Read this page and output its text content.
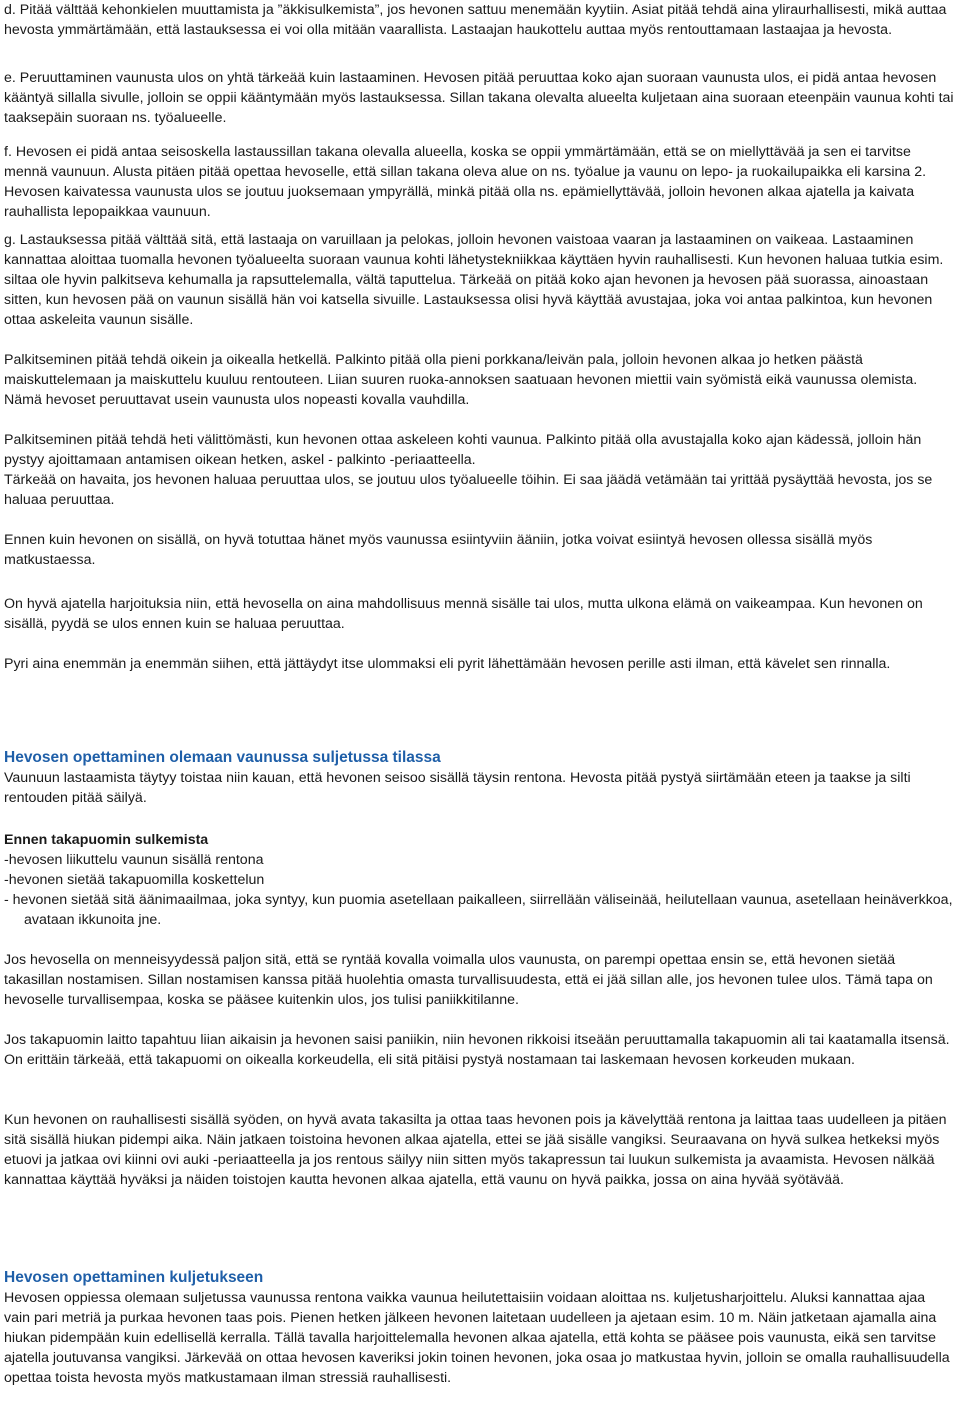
d. Pitää välttää kehonkielen muuttamista ja ”äkkisulkemista”, jos hevonen sattuu menemään kyytiin. Asiat pitää tehdä aina yliraurhallisesti, mikä auttaa hevosta ymmärtämään, että lastauksessa ei voi olla mitään vaarallista. Lastaajan haukottelu auttaa myös rentouttamaan lastaajaa ja hevosta.

e. Peruuttaminen vaunusta ulos on yhtä tärkeää kuin lastaaminen. Hevosen pitää peruuttaa koko ajan suoraan vaunusta ulos, ei pidä antaa hevosen kääntyä sillalla sivulle, jolloin se oppii kääntymään myös lastauksessa. Sillan takana olevalta alueelta kuljetaan aina suoraan eteenpäin vaunua kohti tai taaksepäin suoraan ns. työalueelle.

f. Hevosen ei pidä antaa seisoskella lastaussillan takana olevalla alueella, koska se oppii ymmärtämään, että se on miellyttävää ja sen ei tarvitse mennä vaunuun. Alusta pitäen pitää opettaa hevoselle, että sillan takana oleva alue on ns. työalue ja vaunu on lepo- ja ruokailupaikka eli karsina 2. Hevosen kaivatessa vaunusta ulos se joutuu juoksemaan ympyrällä, minkä pitää olla ns. epämiellyttävää, jolloin hevonen alkaa ajatella ja kaivata rauhallista lepopaikkaa vaunuun.

g. Lastauksessa pitää välttää sitä, että lastaaja on varuillaan ja pelokas, jolloin hevonen vaistoaa vaaran ja lastaaminen on vaikeaa. Lastaaminen kannattaa aloittaa tuomalla hevonen työalueelta suoraan vaunua kohti lähetystekniikkaa käyttäen hyvin rauhallisesti. Kun hevonen haluaa tutkia esim. siltaa ole hyvin palkitseva kehumalla ja rapsuttelemalla, vältä taputtelua. Tärkeää on pitää koko ajan hevonen ja hevosen pää suorassa, ainoastaan sitten, kun hevosen pää on vaunun sisällä hän voi katsella sivuille. Lastauksessa olisi hyvä käyttää avustajaa, joka voi antaa palkintoa, kun hevonen ottaa askeleita vaunun sisälle.

Palkitseminen pitää tehdä oikein ja oikealla hetkellä. Palkinto pitää olla pieni porkkana/leivän pala, jolloin hevonen alkaa jo hetken päästä maiskuttelemaan ja maiskuttelu kuuluu rentouteen. Liian suuren ruoka-annoksen saatuaan hevonen miettii vain syömistä eikä vaunussa olemista. Nämä hevoset peruuttavat usein vaunusta ulos nopeasti kovalla vauhdilla.

Palkitseminen pitää tehdä heti välittömästi, kun hevonen ottaa askeleen kohti vaunua. Palkinto pitää olla avustajalla koko ajan kädessä, jolloin hän pystyy ajoittamaan antamisen oikean hetken, askel - palkinto -periaatteella.

Tärkeää on havaita, jos hevonen haluaa peruuttaa ulos, se joutuu ulos työalueelle töihin. Ei saa jäädä vetämään tai yrittää pysäyttää hevosta, jos se haluaa peruuttaa.

Ennen kuin hevonen on sisällä, on hyvä totuttaa hänet myös vaunussa esiintyviin ääniin, jotka voivat esiintyä hevosen ollessa sisällä myös matkustaessa.

On hyvä ajatella harjoituksia niin, että hevosella on aina mahdollisuus mennä sisälle tai ulos, mutta ulkona elämä on vaikeampaa. Kun hevonen on sisällä, pyydä se ulos ennen kuin se haluaa peruuttaa.

Pyri aina enemmän ja enemmän siihen, että jättäydyt itse ulommaksi eli pyrit lähettämään hevosen perille asti ilman, että kävelet sen rinnalla.

Hevosen opettaminen olemaan vaunussa suljetussa tilassa

Vaunuun lastaamista täytyy toistaa niin kauan, että hevonen seisoo sisällä täysin rentona. Hevosta pitää pystyä siirtämään eteen ja taakse ja silti rentouden pitää säilyä.

Ennen takapuomin sulkemista

-hevosen liikuttelu vaunun sisällä rentona

-hevonen sietää takapuomilla koskettelun

- hevonen sietää sitä äänimaailmaa, joka syntyy, kun puomia asetellaan paikalleen, siirrellään väliseinää, heilutellaan vaunua, asetellaan heinäverkkoa, avataan ikkunoita jne.

Jos hevosella on menneisyydessä paljon sitä, että se ryntää kovalla voimalla ulos vaunusta, on parempi opettaa ensin se, että hevonen sietää takasillan nostamisen. Sillan nostamisen kanssa pitää huolehtia omasta turvallisuudesta, että ei jää sillan alle, jos hevonen tulee ulos. Tämä tapa on hevoselle turvallisempaa, koska se pääsee kuitenkin ulos, jos tulisi paniikkitilanne.

Jos takapuomin laitto tapahtuu liian aikaisin ja hevonen saisi paniikin, niin hevonen rikkoisi itseään peruuttamalla takapuomin ali tai kaatamalla itsensä. On erittäin tärkeää, että takapuomi on oikealla korkeudella, eli sitä pitäisi pystyä nostamaan tai laskemaan hevosen korkeuden mukaan.

Kun hevonen on rauhallisesti sisällä syöden, on hyvä avata takasilta ja ottaa taas hevonen pois ja kävelyttää rentona ja laittaa taas uudelleen ja pitäen sitä sisällä hiukan pidempi aika. Näin jatkaen toistoina hevonen alkaa ajatella, ettei se jää sisälle vangiksi. Seuraavana on hyvä sulkea hetkeksi myös etuovi ja jatkaa ovi kiinni ovi auki -periaatteella ja jos rentous säilyy niin sitten myös takapressun tai luukun sulkemista ja avaamista. Hevosen nälkää kannattaa käyttää hyväksi ja näiden toistojen kautta hevonen alkaa ajatella, että vaunu on hyvä paikka, jossa on aina hyvää syötävää.

Hevosen opettaminen kuljetukseen

Hevosen oppiessa olemaan suljetussa vaunussa rentona vaikka vaunua heilutettaisiin voidaan aloittaa ns. kuljetusharjoittelu. Aluksi kannattaa ajaa vain pari metriä ja purkaa hevonen taas pois. Pienen hetken jälkeen hevonen laitetaan uudelleen ja ajetaan esim. 10 m. Näin jatketaan ajamalla aina hiukan pidempään kuin edellisellä kerralla. Tällä tavalla harjoittelemalla hevonen alkaa ajatella, että kohta se pääsee pois vaunusta, eikä sen tarvitse ajatella joutuvansa vangiksi. Järkevää on ottaa hevosen kaveriksi jokin toinen hevonen, joka osaa jo matkustaa hyvin, jolloin se omalla rauhallisuudella opettaa toista hevosta myös matkustamaan ilman stressiä rauhallisesti.
